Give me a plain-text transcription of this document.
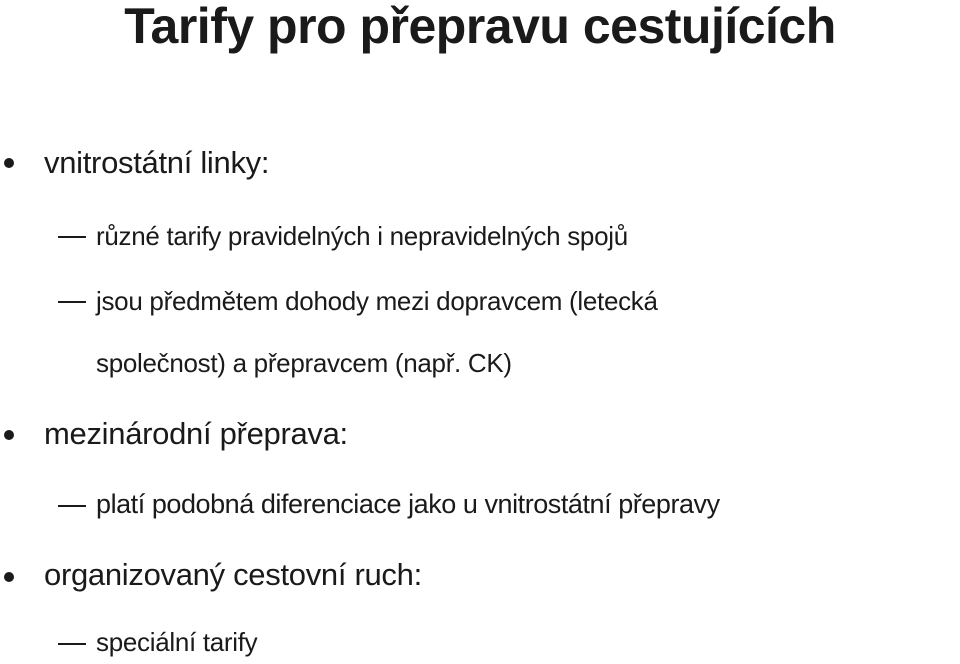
Tarify pro přepravu cestujících
vnitrostátní linky:
různé tarify pravidelných i nepravidelných spojů
jsou předmětem dohody mezi dopravcem (letecká
společnost) a přepravcem (např. CK)
mezinárodní přeprava:
platí podobná diferenciace jako u vnitrostátní přepravy
organizovaný cestovní ruch:
speciální tarify
